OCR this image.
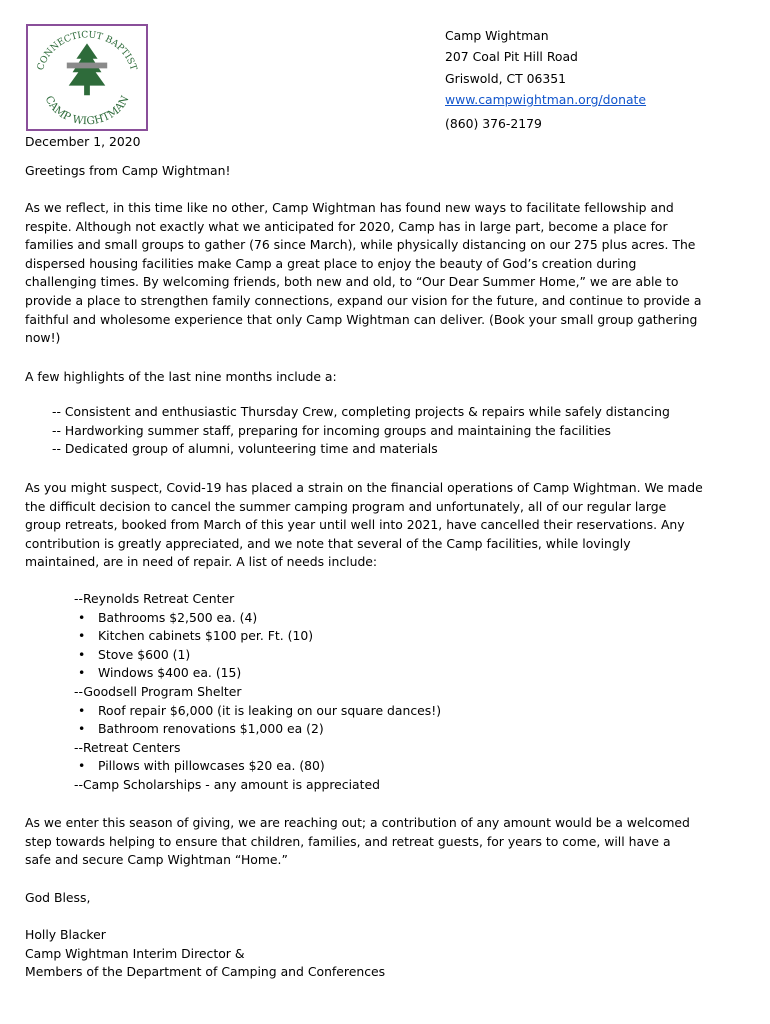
CONNECTICUT BAPTIST
CAMP WIGHTMAN
Camp Wightman
207 Coal Pit Hill Road
Griswold, CT 06351
www.campwightman.org/donate
(860) 376-2179
December 1, 2020
Greetings from Camp Wightman!
As we reflect, in this time like no other, Camp Wightman has found new ways to facilitate fellowship and
respite. Although not exactly what we anticipated for 2020, Camp has in large part, become a place for
families and small groups to gather (76 since March), while physically distancing on our 275 plus acres. The
dispersed housing facilities make Camp a great place to enjoy the beauty of God’s creation during
challenging times. By welcoming friends, both new and old, to “Our Dear Summer Home,” we are able to
provide a place to strengthen family connections, expand our vision for the future, and continue to provide a
faithful and wholesome experience that only Camp Wightman can deliver. (Book your small group gathering
now!)
A few highlights of the last nine months include a:
-- Consistent and enthusiastic Thursday Crew, completing projects & repairs while safely distancing
-- Hardworking summer staff, preparing for incoming groups and maintaining the facilities
-- Dedicated group of alumni, volunteering time and materials
As you might suspect, Covid-19 has placed a strain on the financial operations of Camp Wightman. We made
the difficult decision to cancel the summer camping program and unfortunately, all of our regular large
group retreats, booked from March of this year until well into 2021, have cancelled their reservations. Any
contribution is greatly appreciated, and we note that several of the Camp facilities, while lovingly
maintained, are in need of repair. A list of needs include:
--Reynolds Retreat Center
• Bathrooms $2,500 ea. (4)
• Kitchen cabinets $100 per. Ft. (10)
• Stove $600 (1)
• Windows $400 ea. (15)
--Goodsell Program Shelter
• Roof repair $6,000 (it is leaking on our square dances!)
• Bathroom renovations $1,000 ea (2)
--Retreat Centers
• Pillows with pillowcases $20 ea. (80)
--Camp Scholarships - any amount is appreciated
As we enter this season of giving, we are reaching out; a contribution of any amount would be a welcomed
step towards helping to ensure that children, families, and retreat guests, for years to come, will have a
safe and secure Camp Wightman “Home.”
God Bless,
Holly Blacker
Camp Wightman Interim Director &
Members of the Department of Camping and Conferences
